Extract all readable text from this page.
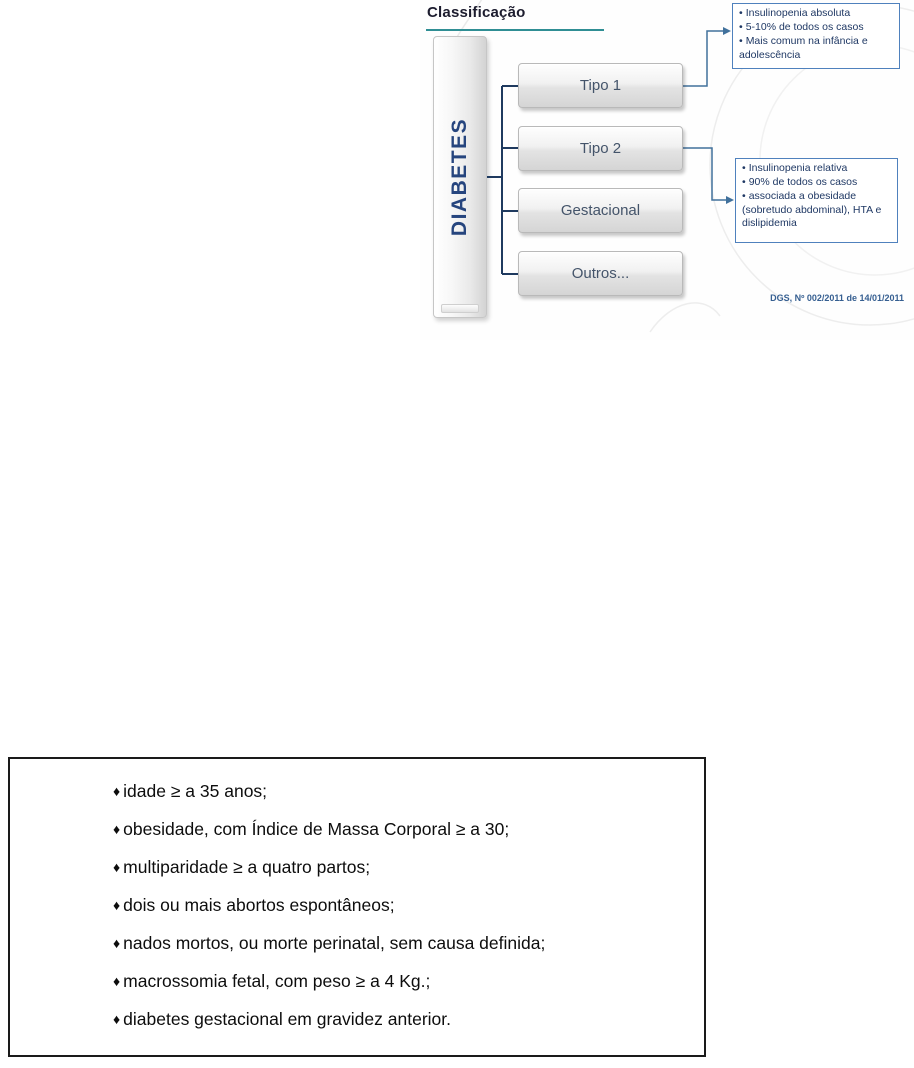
Classificação
DIABETES
Tipo 1
Tipo 2
Gestacional
Outros...
• Insulinopenia absoluta
• 5-10% de todos os casos
• Mais comum na infância e adolescência
• Insulinopenia relativa
• 90% de todos os casos
• associada a obesidade (sobretudo abdominal), HTA e dislipidemia
DGS, Nº 002/2011 de 14/01/2011
♦ idade ≥ a 35 anos;
♦ obesidade, com Índice de Massa Corporal ≥ a 30;
♦ multiparidade ≥ a quatro partos;
♦ dois ou mais abortos espontâneos;
♦ nados mortos, ou morte perinatal, sem causa definida;
♦ macrossomia fetal, com peso ≥ a 4 Kg.;
♦ diabetes gestacional em gravidez anterior.
